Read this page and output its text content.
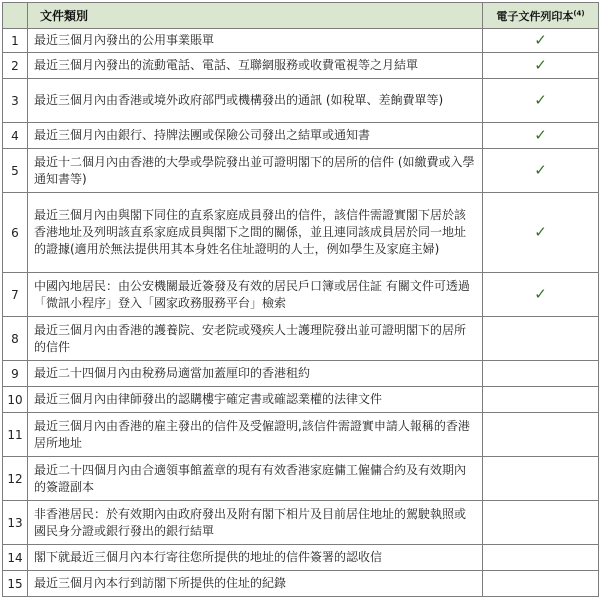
	文件類別	電子文件列印本$^{(4)}$
1	最近三個月內發出的公用事業賬單	✓
2	最近三個月內發出的流動電話、電話、互聯網服務或收費電視等之月結單	✓
3	最近三個月內由香港或境外政府部門或機構發出的通訊 (如稅單、差餉費單等)	✓
4	最近三個月內由銀行、持牌法團或保險公司發出之結單或通知書	✓
5	最近十二個月內由香港的大學或學院發出並可證明閣下的居所的信件 (如繳費或入學通知書等)	✓
6	最近三個月內由與閣下同住的直系家庭成員發出的信件，該信件需證實閣下居於該香港地址及列明該直系家庭成員與閣下之間的關係，並且連同該成員居於同一地址的證據(適用於無法提供用其本身姓名住址證明的人士，例如學生及家庭主婦)	✓
7	中國內地居民：由公安機關最近簽發及有效的居民戶口簿或居住証 有關文件可透過「微訊小程序」登入「國家政務服務平台」檢索	✓
8	最近三個月內由香港的護養院、安老院或殘疾人士護理院發出並可證明閣下的居所的信件	
9	最近二十四個月內由稅務局適當加蓋厘印的香港租約	
10	最近三個月內由律師發出的認購樓宇確定書或確認業權的法律文件	
11	最近三個月內由香港的雇主發出的信件及受僱證明,該信件需證實申請人報稱的香港居所地址	
12	最近二十四個月內由合適領事館蓋章的現有有效香港家庭傭工僱傭合約及有效期內的簽證副本	
13	非香港居民：於有效期內由政府發出及附有閣下相片及目前居住地址的駕駛執照或國民身分證或銀行發出的銀行結單	
14	閣下就最近三個月內本行寄往您所提供的地址的信件簽署的認收信	
15	最近三個月內本行到訪閣下所提供的住址的紀錄	
